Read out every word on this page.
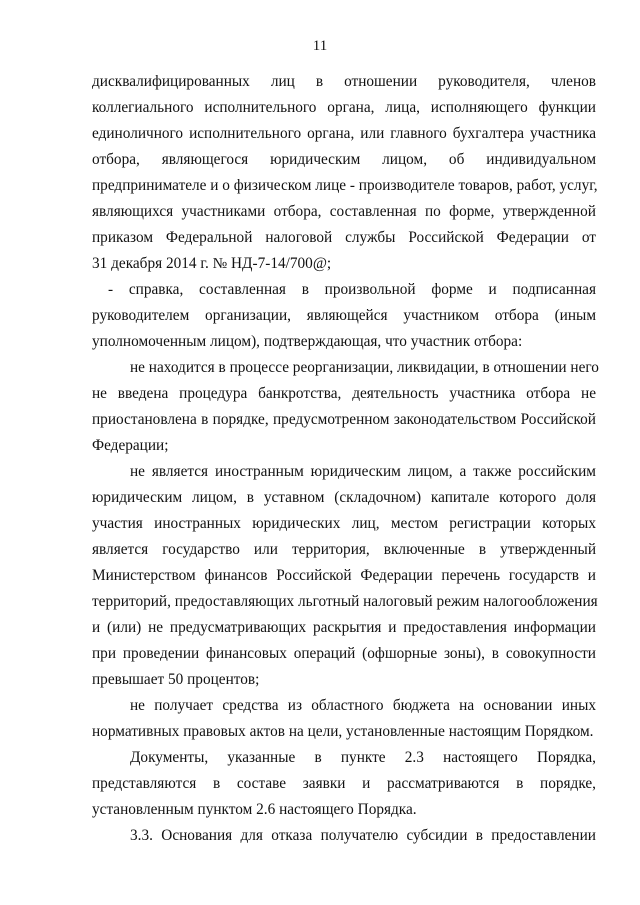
11
дисквалифицированных лиц в отношении руководителя, членов
коллегиального исполнительного органа, лица, исполняющего функции
единоличного исполнительного органа, или главного бухгалтера участника
отбора, являющегося юридическим лицом, об индивидуальном
предпринимателе и о физическом лице - производителе товаров, работ, услуг,
являющихся участниками отбора, составленная по форме, утвержденной
приказом Федеральной налоговой службы Российской Федерации от
31 декабря 2014 г. № НД-7-14/700@;
- справка, составленная в произвольной форме и подписанная
руководителем организации, являющейся участником отбора (иным
уполномоченным лицом), подтверждающая, что участник отбора:
не находится в процессе реорганизации, ликвидации, в отношении него
не введена процедура банкротства, деятельность участника отбора не
приостановлена в порядке, предусмотренном законодательством Российской
Федерации;
не является иностранным юридическим лицом, а также российским
юридическим лицом, в уставном (складочном) капитале которого доля
участия иностранных юридических лиц, местом регистрации которых
является государство или территория, включенные в утвержденный
Министерством финансов Российской Федерации перечень государств и
территорий, предоставляющих льготный налоговый режим налогообложения
и (или) не предусматривающих раскрытия и предоставления информации
при проведении финансовых операций (офшорные зоны), в совокупности
превышает 50 процентов;
не получает средства из областного бюджета на основании иных
нормативных правовых актов на цели, установленные настоящим Порядком.
Документы, указанные в пункте 2.3 настоящего Порядка,
представляются в составе заявки и рассматриваются в порядке,
установленным пунктом 2.6 настоящего Порядка.
3.3. Основания для отказа получателю субсидии в предоставлении
